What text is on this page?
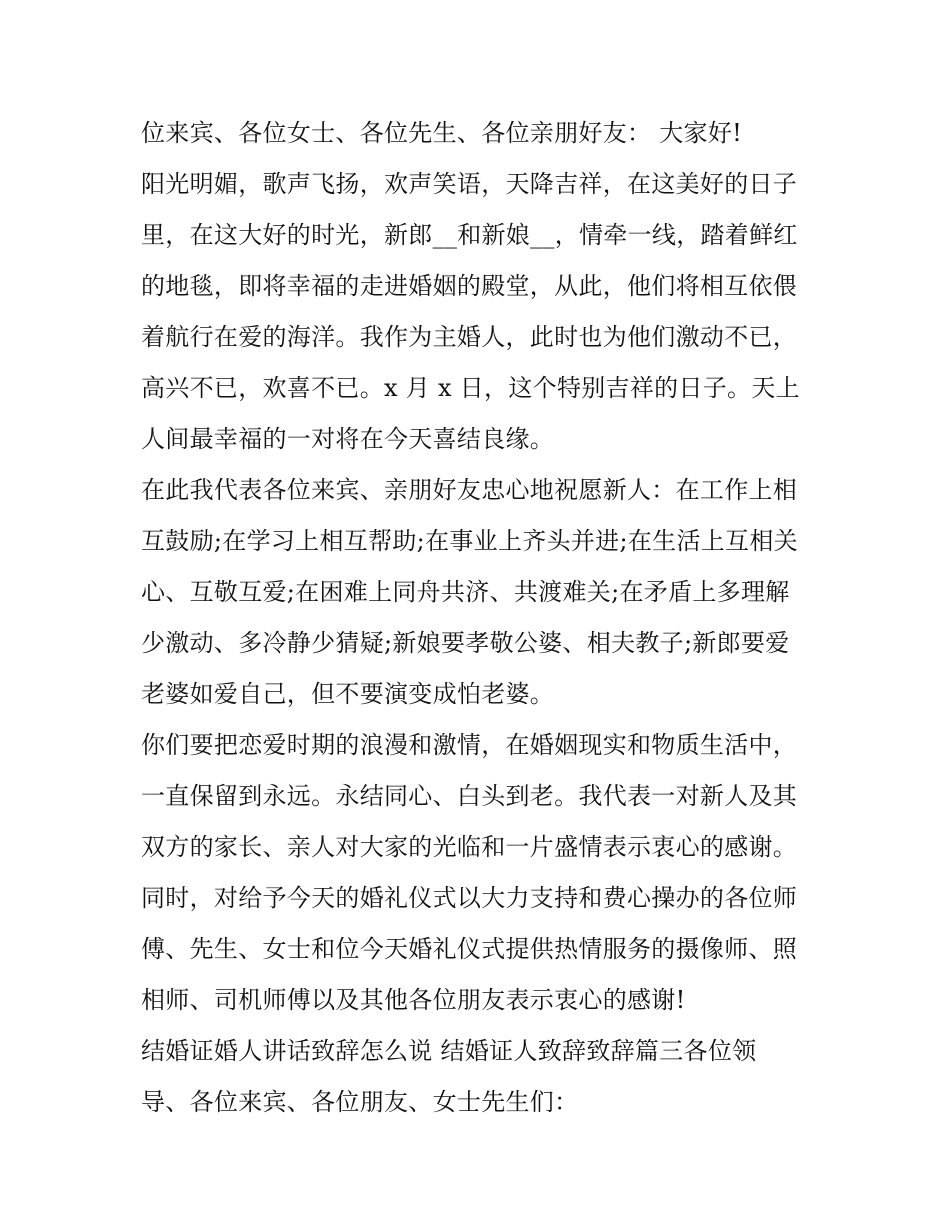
位来宾、各位女士、各位先生、各位亲朋好友： 大家好!
阳光明媚，歌声飞扬，欢声笑语，天降吉祥，在这美好的日子
里，在这大好的时光，新郎__和新娘__，情牵一线，踏着鲜红
的地毯，即将幸福的走进婚姻的殿堂，从此，他们将相互依偎
着航行在爱的海洋。我作为主婚人，此时也为他们激动不已，
高兴不已，欢喜不已。x 月 x 日，这个特别吉祥的日子。天上
人间最幸福的一对将在今天喜结良缘。
在此我代表各位来宾、亲朋好友忠心地祝愿新人：在工作上相
互鼓励;在学习上相互帮助;在事业上齐头并进;在生活上互相关
心、互敬互爱;在困难上同舟共济、共渡难关;在矛盾上多理解
少激动、多冷静少猜疑;新娘要孝敬公婆、相夫教子;新郎要爱
老婆如爱自己，但不要演变成怕老婆。
你们要把恋爱时期的浪漫和激情，在婚姻现实和物质生活中，
一直保留到永远。永结同心、白头到老。我代表一对新人及其
双方的家长、亲人对大家的光临和一片盛情表示衷心的感谢。
同时，对给予今天的婚礼仪式以大力支持和费心操办的各位师
傅、先生、女士和位今天婚礼仪式提供热情服务的摄像师、照
相师、司机师傅以及其他各位朋友表示衷心的感谢!
结婚证婚人讲话致辞怎么说 结婚证人致辞致辞篇三各位领
导、各位来宾、各位朋友、女士先生们：
